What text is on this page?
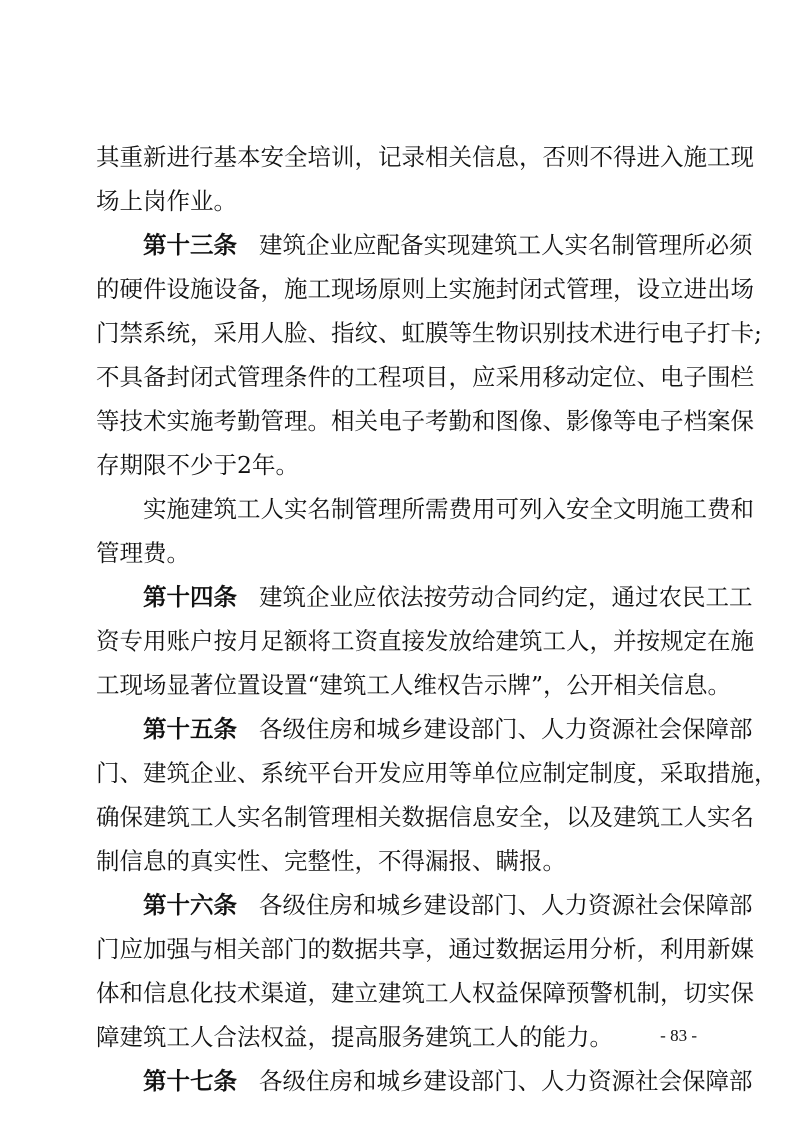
其重新进行基本安全培训，记录相关信息，否则不得进入施工现
场上岗作业。
第十三条 建筑企业应配备实现建筑工人实名制管理所必须
的硬件设施设备，施工现场原则上实施封闭式管理，设立进出场
门禁系统，采用人脸、指纹、虹膜等生物识别技术进行电子打卡;
不具备封闭式管理条件的工程项目，应采用移动定位、电子围栏
等技术实施考勤管理。相关电子考勤和图像、影像等电子档案保
存期限不少于2年。
实施建筑工人实名制管理所需费用可列入安全文明施工费和
管理费。
第十四条 建筑企业应依法按劳动合同约定，通过农民工工
资专用账户按月足额将工资直接发放给建筑工人，并按规定在施
工现场显著位置设置“建筑工人维权告示牌”，公开相关信息。
第十五条 各级住房和城乡建设部门、人力资源社会保障部
门、建筑企业、系统平台开发应用等单位应制定制度，采取措施，
确保建筑工人实名制管理相关数据信息安全，以及建筑工人实名
制信息的真实性、完整性，不得漏报、瞒报。
第十六条 各级住房和城乡建设部门、人力资源社会保障部
门应加强与相关部门的数据共享，通过数据运用分析，利用新媒
体和信息化技术渠道，建立建筑工人权益保障预警机制，切实保
障建筑工人合法权益，提高服务建筑工人的能力。
第十七条 各级住房和城乡建设部门、人力资源社会保障部
- 83 -
